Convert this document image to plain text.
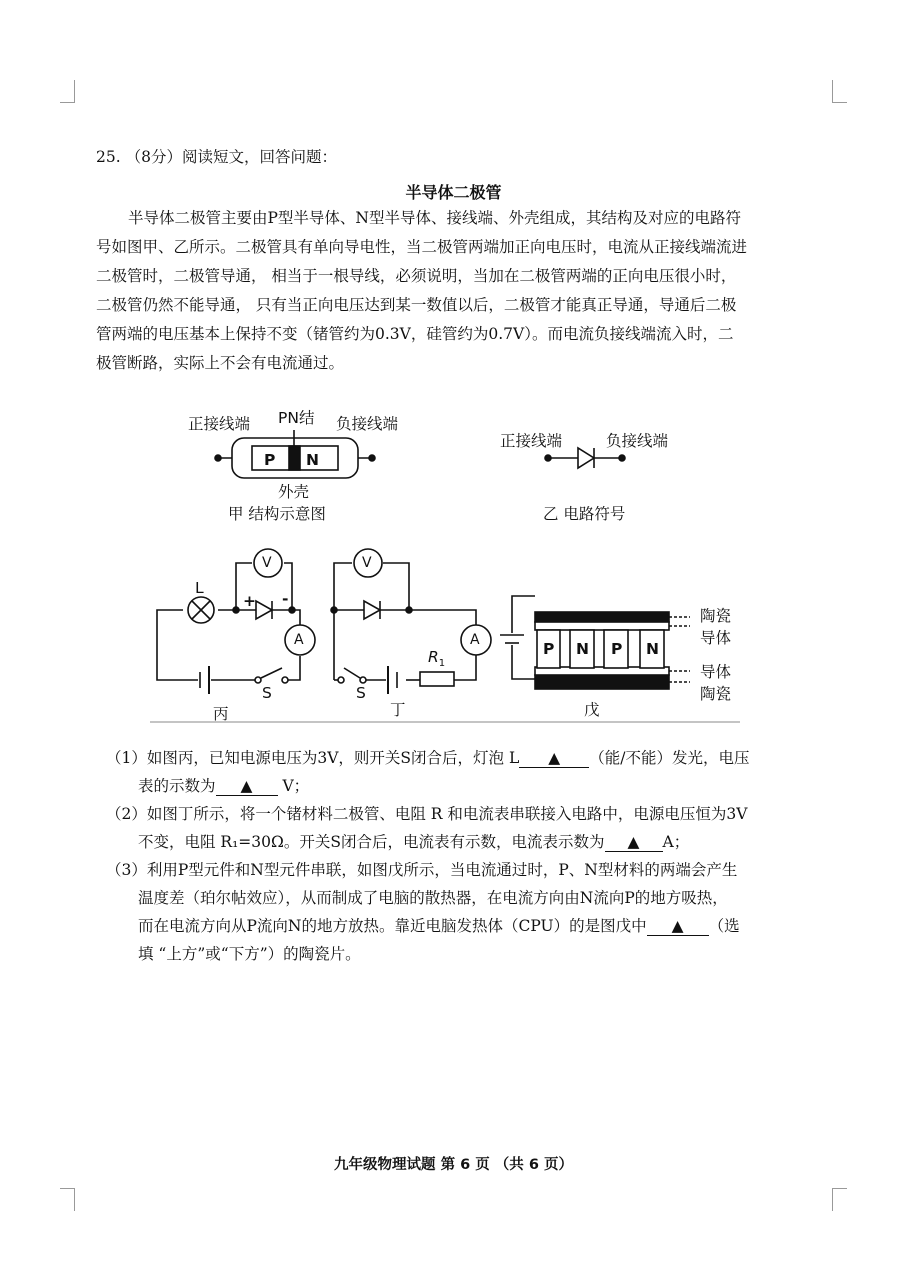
25. （8分）阅读短文，回答问题：
半导体二极管
半导体二极管主要由P型半导体、N型半导体、接线端、外壳组成，其结构及对应的电路符
号如图甲、乙所示。二极管具有单向导电性，当二极管两端加正向电压时，电流从正接线端流进
二极管时，二极管导通， 相当于一根导线，必须说明，当加在二极管两端的正向电压很小时，
二极管仍然不能导通， 只有当正向电压达到某一数值以后，二极管才能真正导通，导通后二极
管两端的电压基本上保持不变（锗管约为0.3V，硅管约为0.7V）。而电流负接线端流入时，二
极管断路，实际上不会有电流通过。
正接线端 PN结 负接线端
P N
外壳
甲 结构示意图
正接线端	负接线端
乙 电路符号
L
V
A
+ -
S
丙
V
A
$R_1$
S
丁
P N P N
陶瓷
导体
导体
陶瓷
戊
（1）如图丙，已知电源电压为3V，则开关S闭合后，灯泡 L ▲ （能/不能）发光，电压
表的示数为 ▲ V；
（2）如图丁所示，将一个锗材料二极管、电阻 R 和电流表串联接入电路中，电源电压恒为3V
不变，电阻 R₁=30Ω。开关S闭合后，电流表有示数，电流表示数为 ▲ A；
（3）利用P型元件和N型元件串联，如图戊所示，当电流通过时，P、N型材料的两端会产生
温度差（珀尔帖效应），从而制成了电脑的散热器，在电流方向由N流向P的地方吸热，
而在电流方向从P流向N的地方放热。靠近电脑发热体（CPU）的是图戊中 ▲ （选
填 “上方”或“下方”）的陶瓷片。
九年级物理试题 第 6 页 （共 6 页）
